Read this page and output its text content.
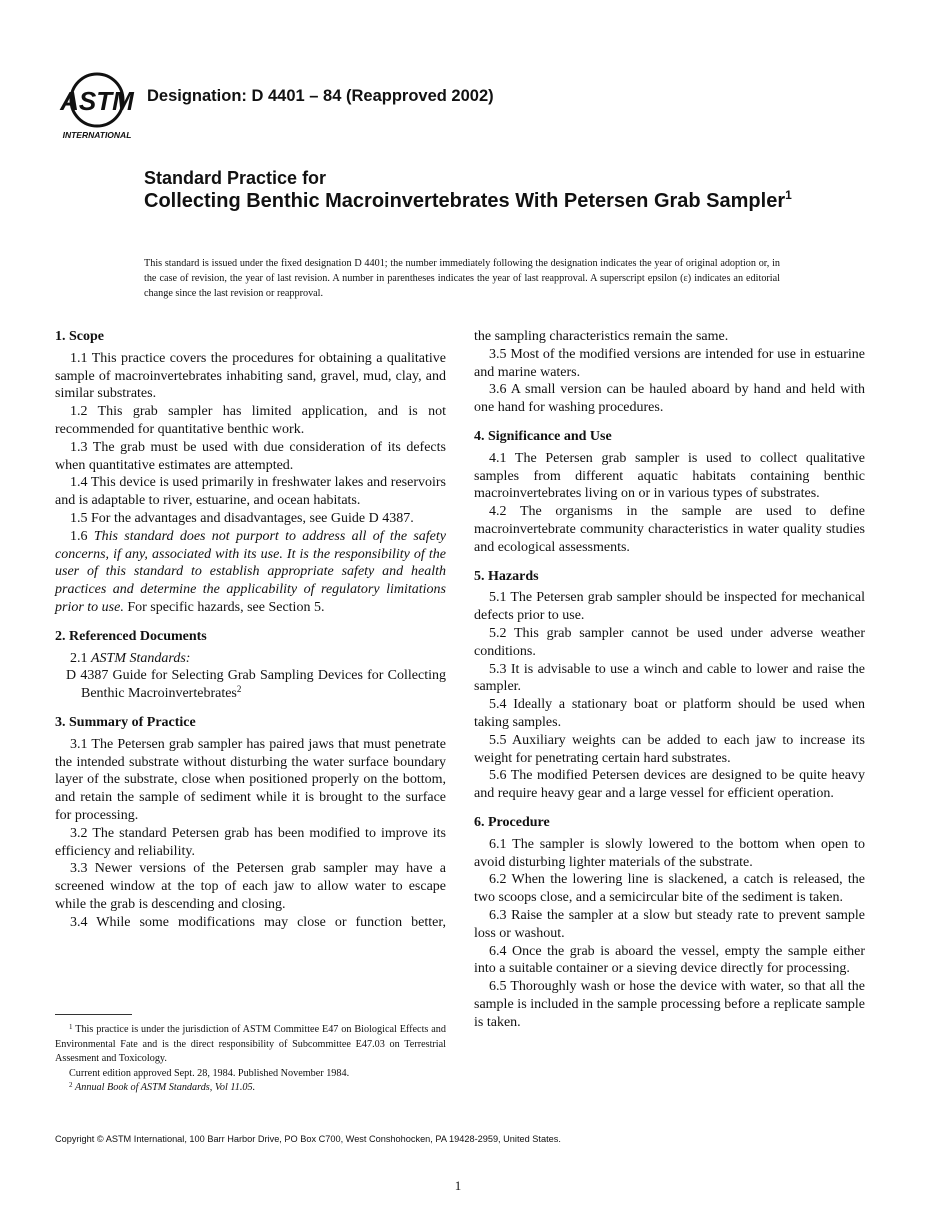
ASTM
INTERNATIONAL
Designation: D 4401 – 84 (Reapproved 2002)
Standard Practice for
Collecting Benthic Macroinvertebrates With Petersen Grab Sampler$^1$
This standard is issued under the fixed designation D 4401; the number immediately following the designation indicates the year of original adoption or, in the case of revision, the year of last revision. A number in parentheses indicates the year of last reapproval. A superscript epsilon (ε) indicates an editorial change since the last revision or reapproval.
1. Scope

1.1 This practice covers the procedures for obtaining a qualitative sample of macroinvertebrates inhabiting sand, gravel, mud, clay, and similar substrates.

1.2 This grab sampler has limited application, and is not recommended for quantitative benthic work.

1.3 The grab must be used with due consideration of its defects when quantitative estimates are attempted.

1.4 This device is used primarily in freshwater lakes and reservoirs and is adaptable to river, estuarine, and ocean habitats.

1.5 For the advantages and disadvantages, see Guide D 4387.

1.6 This standard does not purport to address all of the safety concerns, if any, associated with its use. It is the responsibility of the user of this standard to establish appropriate safety and health practices and determine the applicability of regulatory limitations prior to use. For specific hazards, see Section 5.

2. Referenced Documents

2.1 ASTM Standards:

D 4387 Guide for Selecting Grab Sampling Devices for Collecting Benthic Macroinvertebrates$^2$

3. Summary of Practice

3.1 The Petersen grab sampler has paired jaws that must penetrate the intended substrate without disturbing the water surface boundary layer of the substrate, close when positioned properly on the bottom, and retain the sample of sediment while it is brought to the surface for processing.

3.2 The standard Petersen grab has been modified to improve its efficiency and reliability.

3.3 Newer versions of the Petersen grab sampler may have a screened window at the top of each jaw to allow water to escape while the grab is descending and closing.

3.4 While some modifications may close or function better,

$^1$ This practice is under the jurisdiction of ASTM Committee E47 on Biological Effects and Environmental Fate and is the direct responsibility of Subcommittee E47.03 on Terrestrial Assesment and Toxicology.
Current edition approved Sept. 28, 1984. Published November 1984.
$^2$ Annual Book of ASTM Standards, Vol 11.05.

the sampling characteristics remain the same.

3.5 Most of the modified versions are intended for use in estuarine and marine waters.

3.6 A small version can be hauled aboard by hand and held with one hand for washing procedures.

4. Significance and Use

4.1 The Petersen grab sampler is used to collect qualitative samples from different aquatic habitats containing benthic macroinvertebrates living on or in various types of substrates.

4.2 The organisms in the sample are used to define macroinvertebrate community characteristics in water quality studies and ecological assessments.

5. Hazards

5.1 The Petersen grab sampler should be inspected for mechanical defects prior to use.

5.2 This grab sampler cannot be used under adverse weather conditions.

5.3 It is advisable to use a winch and cable to lower and raise the sampler.

5.4 Ideally a stationary boat or platform should be used when taking samples.

5.5 Auxiliary weights can be added to each jaw to increase its weight for penetrating certain hard substrates.

5.6 The modified Petersen devices are designed to be quite heavy and require heavy gear and a large vessel for efficient operation.

6. Procedure

6.1 The sampler is slowly lowered to the bottom when open to avoid disturbing lighter materials of the substrate.

6.2 When the lowering line is slackened, a catch is released, the two scoops close, and a semicircular bite of the sediment is taken.

6.3 Raise the sampler at a slow but steady rate to prevent sample loss or washout.

6.4 Once the grab is aboard the vessel, empty the sample either into a suitable container or a sieving device directly for processing.

6.5 Thoroughly wash or hose the device with water, so that all the sample is included in the sample processing before a replicate sample is taken.

Copyright © ASTM International, 100 Barr Harbor Drive, PO Box C700, West Conshohocken, PA 19428-2959, United States.
1
